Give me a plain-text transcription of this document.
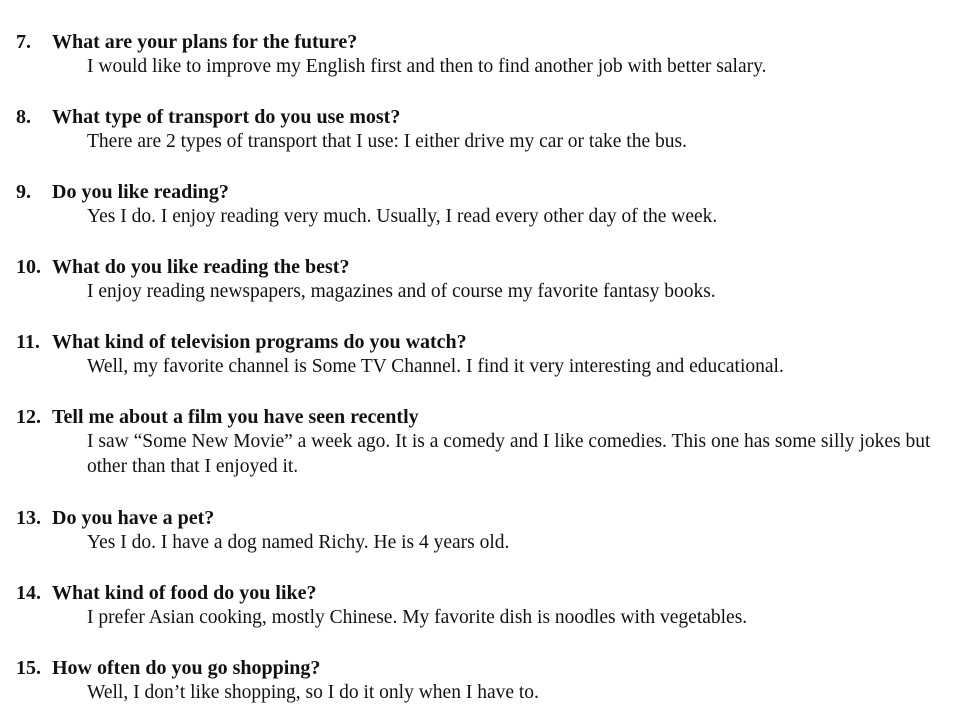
7.	What are your plans for the future?
I would like to improve my English first and then to find another job with better salary.
8.	What type of transport do you use most?
There are 2 types of transport that I use: I either drive my car or take the bus.
9.	Do you like reading?
Yes I do. I enjoy reading very much. Usually, I read every other day of the week.
10. What do you like reading the best?
I enjoy reading newspapers, magazines and of course my favorite fantasy books.
11. What kind of television programs do you watch?
Well, my favorite channel is Some TV Channel. I find it very interesting and educational.
12. Tell me about a film you have seen recently
I saw “Some New Movie” a week ago. It is a comedy and I like comedies. This one has some silly jokes but other than that I enjoyed it.
13. Do you have a pet?
Yes I do. I have a dog named Richy. He is 4 years old.
14. What kind of food do you like?
I prefer Asian cooking, mostly Chinese. My favorite dish is noodles with vegetables.
15. How often do you go shopping?
Well, I don’t like shopping, so I do it only when I have to.
